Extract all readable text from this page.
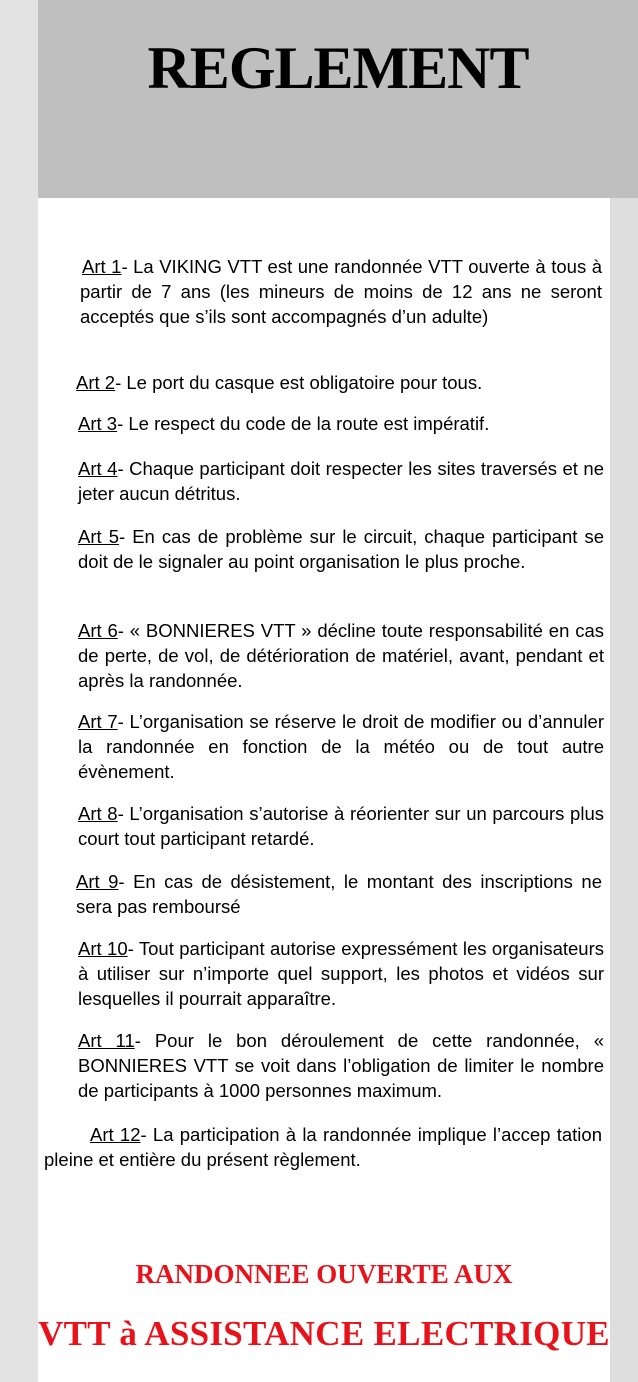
REGLEMENT

Art 1- La VIKING VTT est une randonnée VTT ouverte à tous à partir de 7 ans (les mineurs de moins de 12 ans ne seront acceptés que s’ils sont accompagnés d’un adulte)

Art 2- Le port du casque est obligatoire pour tous.

Art 3- Le respect du code de la route est impératif.

Art 4- Chaque participant doit respecter les sites traversés et ne jeter aucun détritus.

Art 5- En cas de problème sur le circuit, chaque participant se doit de le signaler au point organisation le plus proche.

Art 6- « BONNIERES VTT » décline toute responsabilité en cas de perte, de vol, de détérioration de matériel, avant, pendant et après la randonnée.

Art 7- L’organisation se réserve le droit de modifier ou d’annuler la randonnée en fonction de la météo ou de tout autre évènement.

Art 8- L’organisation s’autorise à réorienter sur un parcours plus court tout participant retardé.

Art 9- En cas de désistement, le montant des inscriptions ne sera pas remboursé

Art 10- Tout participant autorise expressément les organisateurs à utiliser sur n’importe quel support, les photos et vidéos sur lesquelles il pourrait apparaître.

Art 11- Pour le bon déroulement de cette randonnée, « BONNIERES VTT se voit dans l’obligation de limiter le nombre de participants à 1000 personnes maximum.

Art 12- La participation à la randonnée implique l’accep tation pleine et entière du présent règlement.

RANDONNEE OUVERTE AUX
VTT à ASSISTANCE ELECTRIQUE
